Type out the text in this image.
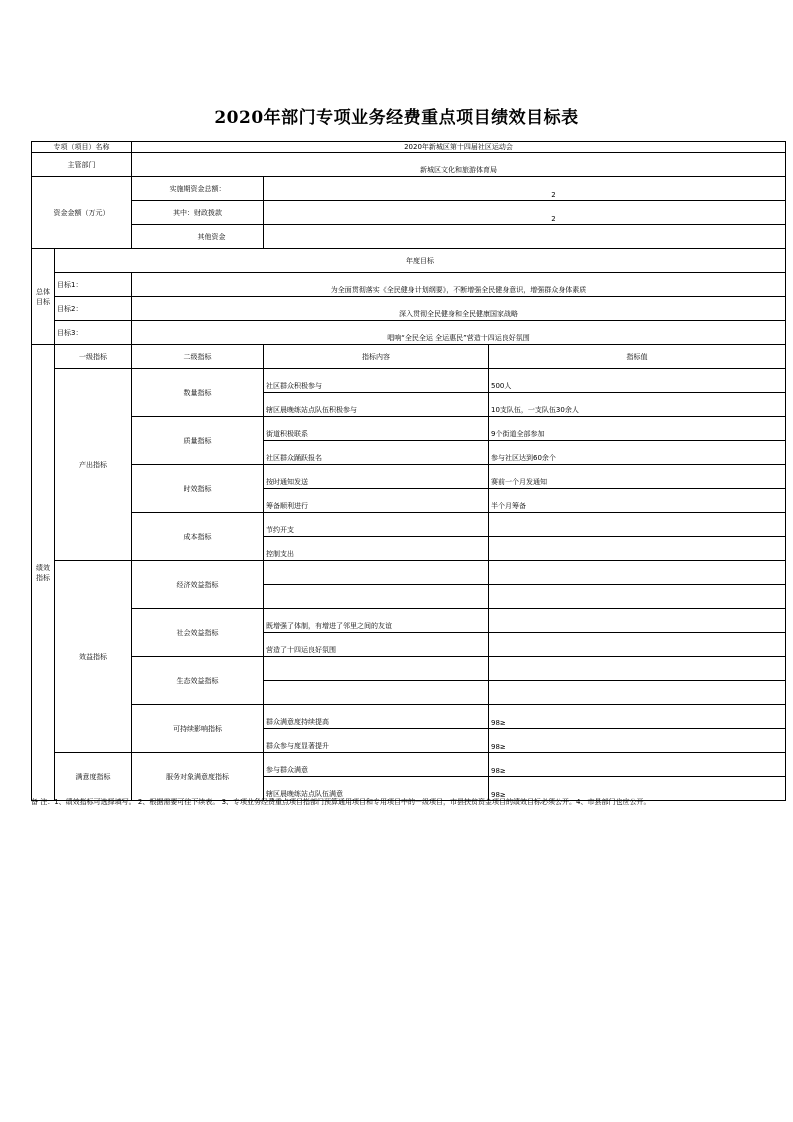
2020年部门专项业务经费重点项目绩效目标表
专项（项目）名称		2020年新城区第十四届社区运动会		
主管部门		新城区文化和旅游体育局		
资金金额（万元）		实施期资金总额：	2	
		其中：财政拨款	2	
		其他资金		
总体
目标	年度目标			
	目标1：	为全面贯彻落实《全民健身计划纲要》，不断增强全民健身意识，增强群众身体素质		
	目标2：	深入贯彻全民健身和全民健康国家战略		
	目标3：	唱响“全民全运 全运惠民”营造十四运良好氛围		
绩效
指标	一级指标	二级指标	指标内容	指标值
	产出指标	数量指标	社区群众积极参与	500人
			辖区晨晚练站点队伍积极参与	10支队伍，一支队伍30余人
		质量指标	街道积极联系	9个街道全部参加
			社区群众踊跃报名	参与社区达到60余个
		时效指标	按时通知发送	赛前一个月发通知
			筹备顺利进行	半个月筹备
		成本指标	节约开支	
			控制支出	
	效益指标	经济效益指标		

		社会效益指标	既增强了体制，有增进了邻里之间的友谊	
			营造了十四运良好氛围	
		生态效益指标		

		可持续影响指标	群众满意度持续提高	98≥
			群众参与度显著提升	98≥
	满意度指标	服务对象满意度指标	参与群众满意	98≥
			辖区晨晚练站点队伍满意	98≥
备 注：1、绩效指标可选择填写。 2、根据需要可往下续表。 3、专项业务经费重点项目指部门预算通用项目和专用项目中的一级项目，市县扶贫资金项目的绩效目标必须公开。4、市县部门也应公开。
